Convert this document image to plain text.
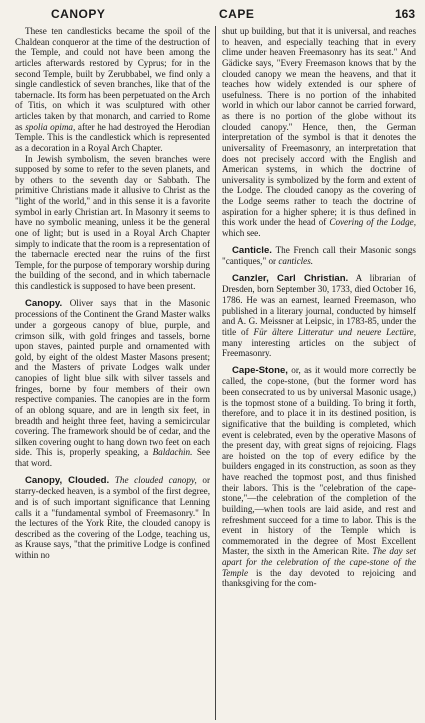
CANOPY	CAPE	163

These ten candlesticks became the spoil of the Chaldean conqueror at the time of the destruction of the Temple, and could not have been among the articles afterwards restored by Cyprus; for in the second Temple, built by Zerubbabel, we find only a single candlestick of seven branches, like that of the tabernacle. Its form has been perpetuated on the Arch of Titis, on which it was sculptured with other articles taken by that monarch, and carried to Rome as spolia opima, after he had destroyed the Herodian Temple. This is the candlestick which is represented as a decoration in a Royal Arch Chapter.

In Jewish symbolism, the seven branches were supposed by some to refer to the seven planets, and by others to the seventh day or Sabbath. The primitive Christians made it allusive to Christ as the "light of the world," and in this sense it is a favorite symbol in early Christian art. In Masonry it seems to have no symbolic meaning, unless it be the general one of light; but is used in a Royal Arch Chapter simply to indicate that the room is a representation of the tabernacle erected near the ruins of the first Temple, for the purpose of temporary worship during the building of the second, and in which tabernacle this candlestick is supposed to have been present.

Canopy. Oliver says that in the Masonic processions of the Continent the Grand Master walks under a gorgeous canopy of blue, purple, and crimson silk, with gold fringes and tassels, borne upon staves, painted purple and ornamented with gold, by eight of the oldest Master Masons present; and the Masters of private Lodges walk under canopies of light blue silk with silver tassels and fringes, borne by four members of their own respective companies. The canopies are in the form of an oblong square, and are in length six feet, in breadth and height three feet, having a semicircular covering. The framework should be of cedar, and the silken covering ought to hang down two feet on each side. This is, properly speaking, a Baldachin. See that word.

Canopy, Clouded. The clouded canopy, or starry-decked heaven, is a symbol of the first degree, and is of such important significance that Lenning calls it a "fundamental symbol of Freemasonry." In the lectures of the York Rite, the clouded canopy is described as the covering of the Lodge, teaching us, as Krause says, "that the primitive Lodge is confined within no

shut up building, but that it is universal, and reaches to heaven, and especially teaching that in every clime under heaven Freemasonry has its seat." And Gädicke says, "Every Freemason knows that by the clouded canopy we mean the heavens, and that it teaches how widely extended is our sphere of usefulness. There is no portion of the inhabited world in which our labor cannot be carried forward, as there is no portion of the globe without its clouded canopy." Hence, then, the German interpretation of the symbol is that it denotes the universality of Freemasonry, an interpretation that does not precisely accord with the English and American systems, in which the doctrine of universality is symbolized by the form and extent of the Lodge. The clouded canopy as the covering of the Lodge seems rather to teach the doctrine of aspiration for a higher sphere; it is thus defined in this work under the head of Covering of the Lodge, which see.

Canticle. The French call their Masonic songs "cantiques," or canticles.

Canzler, Carl Christian. A librarian of Dresden, born September 30, 1733, died October 16, 1786. He was an earnest, learned Freemason, who published in a literary journal, conducted by himself and A. G. Meissner at Leipsic, in 1783-85, under the title of Für ältere Litteratur und neuere Lectüre, many interesting articles on the subject of Freemasonry.

Cape-Stone, or, as it would more correctly be called, the cope-stone, (but the former word has been consecrated to us by universal Masonic usage,) is the topmost stone of a building. To bring it forth, therefore, and to place it in its destined position, is significative that the building is completed, which event is celebrated, even by the operative Masons of the present day, with great signs of rejoicing. Flags are hoisted on the top of every edifice by the builders engaged in its construction, as soon as they have reached the topmost post, and thus finished their labors. This is the "celebration of the cape-stone,"—the celebration of the completion of the building,—when tools are laid aside, and rest and refreshment succeed for a time to labor. This is the event in history of the Temple which is commemorated in the degree of Most Excellent Master, the sixth in the American Rite. The day set apart for the celebration of the cape-stone of the Temple is the day devoted to rejoicing and thanksgiving for the com-
